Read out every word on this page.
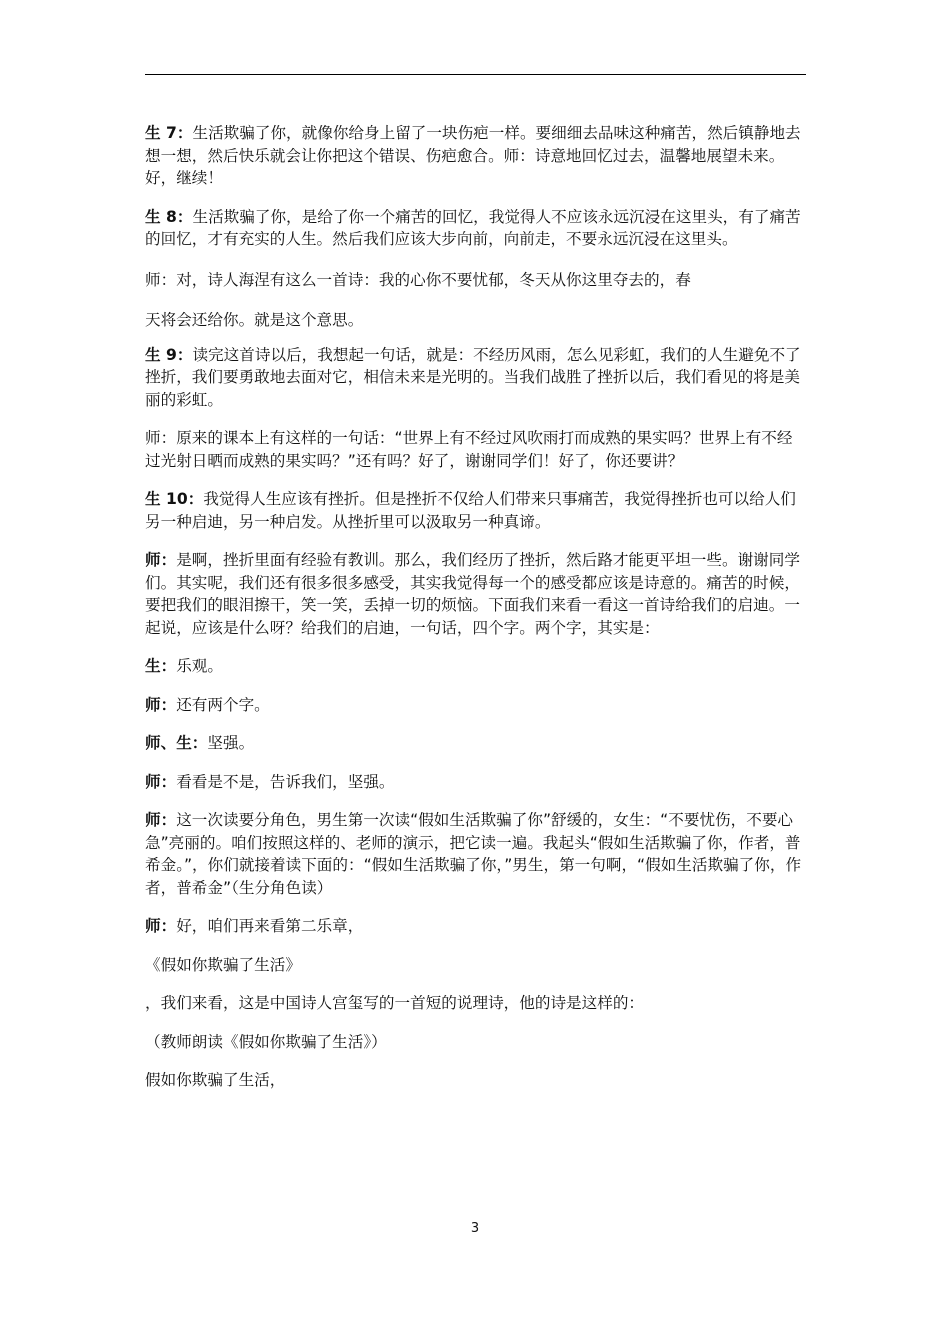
生 7：生活欺骗了你，就像你给身上留了一块伤疤一样。要细细去品味这种痛苦，然后镇静地去想一想，然后快乐就会让你把这个错误、伤疤愈合。师：诗意地回忆过去，温馨地展望未来。好，继续！

生 8：生活欺骗了你，是给了你一个痛苦的回忆，我觉得人不应该永远沉浸在这里头，有了痛苦的回忆，才有充实的人生。然后我们应该大步向前，向前走，不要永远沉浸在这里头。

师：对，诗人海涅有这么一首诗：我的心你不要忧郁，冬天从你这里夺去的，春

天将会还给你。就是这个意思。

生 9：读完这首诗以后，我想起一句话，就是：不经历风雨，怎么见彩虹，我们的人生避免不了挫折，我们要勇敢地去面对它，相信未来是光明的。当我们战胜了挫折以后，我们看见的将是美丽的彩虹。

师：原来的课本上有这样的一句话：“世界上有不经过风吹雨打而成熟的果实吗？世界上有不经过光射日晒而成熟的果实吗？”还有吗？好了，谢谢同学们！好了，你还要讲？

生 10：我觉得人生应该有挫折。但是挫折不仅给人们带来只事痛苦，我觉得挫折也可以给人们另一种启迪，另一种启发。从挫折里可以汲取另一种真谛。

师：是啊，挫折里面有经验有教训。那么，我们经历了挫折，然后路才能更平坦一些。谢谢同学们。其实呢，我们还有很多很多感受，其实我觉得每一个的感受都应该是诗意的。痛苦的时候，要把我们的眼泪擦干，笑一笑，丢掉一切的烦恼。下面我们来看一看这一首诗给我们的启迪。一起说，应该是什么呀？给我们的启迪，一句话，四个字。两个字，其实是：

生：乐观。

师：还有两个字。

师、生：坚强。

师：看看是不是，告诉我们，坚强。

师：这一次读要分角色，男生第一次读“假如生活欺骗了你”舒缓的，女生：“不要忧伤，不要心急”亮丽的。咱们按照这样的、老师的演示，把它读一遍。我起头“假如生活欺骗了你，作者，普希金。”，你们就接着读下面的：“假如生活欺骗了你，”男生，第一句啊，“假如生活欺骗了你，作者，普希金”（生分角色读）

师：好，咱们再来看第二乐章，

《假如你欺骗了生活》

，我们来看，这是中国诗人宫玺写的一首短的说理诗，他的诗是这样的：

（教师朗读《假如你欺骗了生活》）

假如你欺骗了生活，

3
